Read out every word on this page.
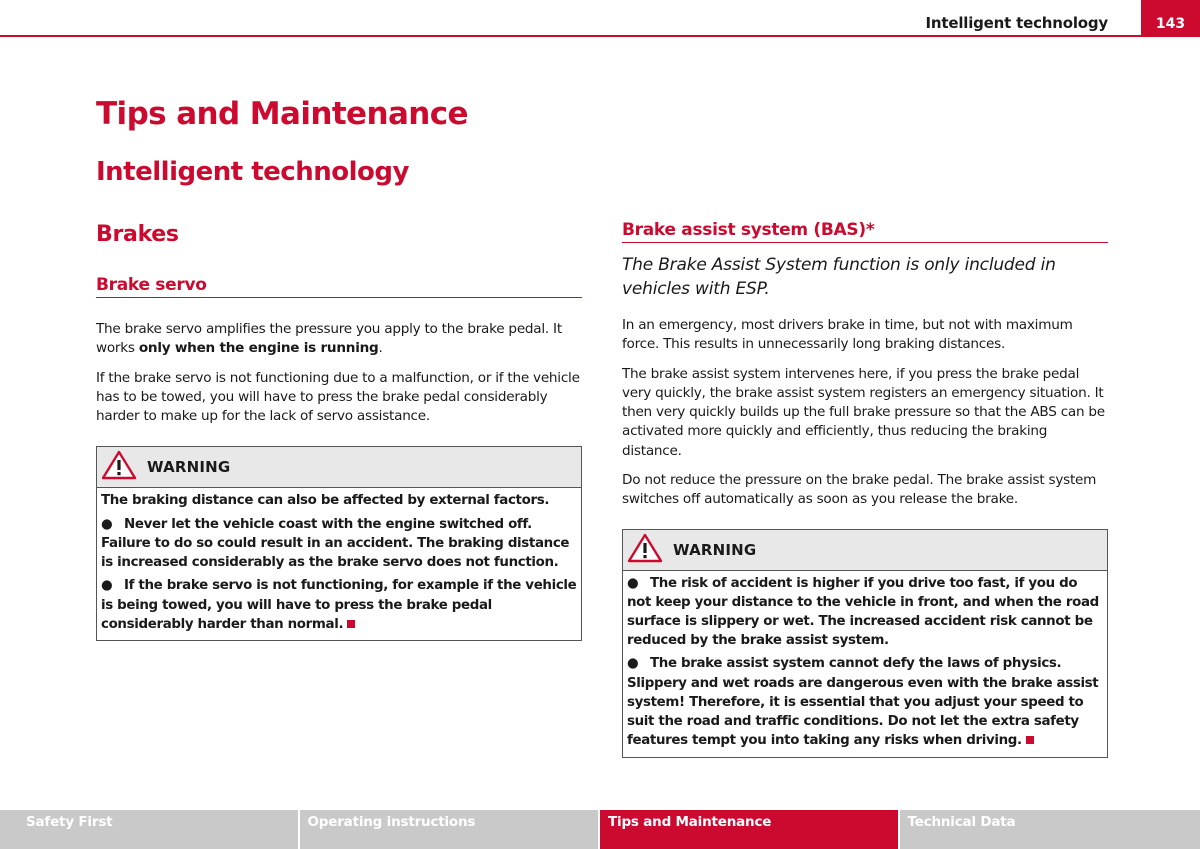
Intelligent technology	143
Tips and Maintenance
Intelligent technology
Brakes
Brake servo

The brake servo amplifies the pressure you apply to the brake pedal. It works only when the engine is running.

If the brake servo is not functioning due to a malfunction, or if the vehicle has to be towed, you will have to press the brake pedal considerably harder to make up for the lack of servo assistance.

WARNING

The braking distance can also be affected by external factors.

● Never let the vehicle coast with the engine switched off. Failure to do so could result in an accident. The braking distance is increased considerably as the brake servo does not function.

● If the brake servo is not functioning, for example if the vehicle is being towed, you will have to press the brake pedal considerably harder than normal.

Brake assist system (BAS)*

The Brake Assist System function is only included in vehicles with ESP.

In an emergency, most drivers brake in time, but not with maximum force. This results in unnecessarily long braking distances.

The brake assist system intervenes here, if you press the brake pedal very quickly, the brake assist system registers an emergency situation. It then very quickly builds up the full brake pressure so that the ABS can be activated more quickly and efficiently, thus reducing the braking distance.

Do not reduce the pressure on the brake pedal. The brake assist system switches off automatically as soon as you release the brake.

WARNING

● The risk of accident is higher if you drive too fast, if you do not keep your distance to the vehicle in front, and when the road surface is slippery or wet. The increased accident risk cannot be reduced by the brake assist system.

● The brake assist system cannot defy the laws of physics. Slippery and wet roads are dangerous even with the brake assist system! Therefore, it is essential that you adjust your speed to suit the road and traffic conditions. Do not let the extra safety features tempt you into taking any risks when driving.

Safety First	Operating instructions	Tips and Maintenance	Technical Data
